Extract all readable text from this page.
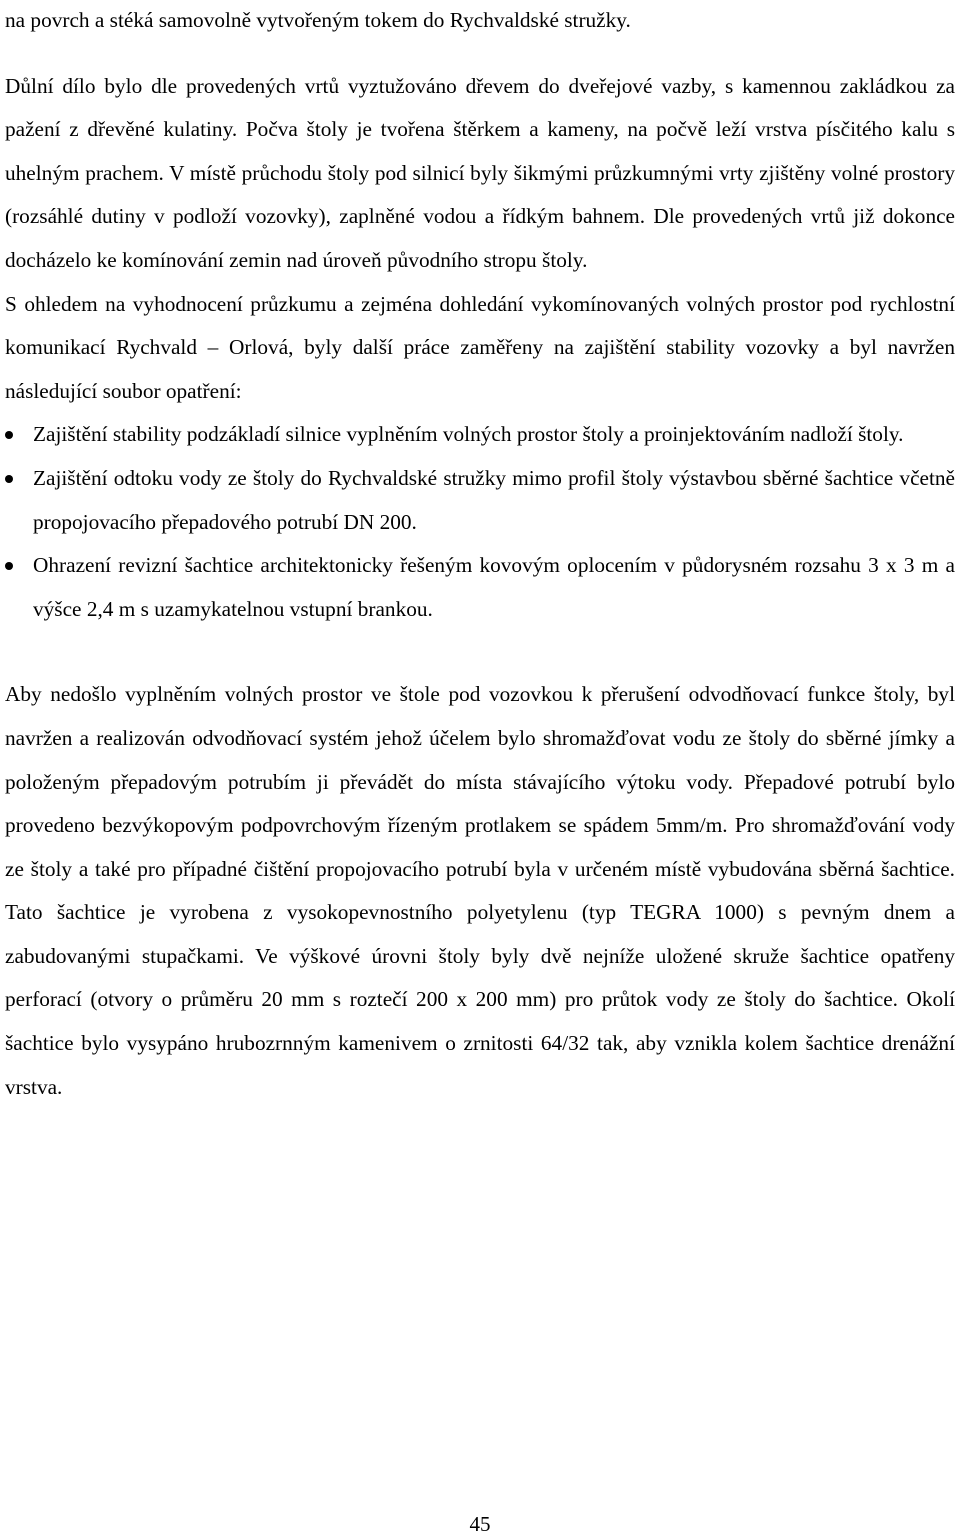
na povrch a stéká samovolně vytvořeným tokem do Rychvaldské stružky.

Důlní dílo bylo dle provedených vrtů vyztužováno dřevem do dveřejové vazby, s kamennou zakládkou za pažení z dřevěné kulatiny. Počva štoly je tvořena štěrkem a kameny, na počvě leží vrstva písčitého kalu s uhelným prachem. V místě průchodu štoly pod silnicí byly šikmými průzkumnými vrty zjištěny volné prostory (rozsáhlé dutiny v podloží vozovky), zaplněné vodou a řídkým bahnem. Dle provedených vrtů již dokonce docházelo ke komínování zemin nad úroveň původního stropu štoly.

S ohledem na vyhodnocení průzkumu a zejména dohledání vykomínovaných volných prostor pod rychlostní komunikací Rychvald – Orlová, byly další práce zaměřeny na zajištění stability vozovky a byl navržen následující soubor opatření:

Zajištění stability podzákladí silnice vyplněním volných prostor štoly a proinjektováním nadloží štoly.
Zajištění odtoku vody ze štoly do Rychvaldské stružky mimo profil štoly výstavbou sběrné šachtice včetně propojovacího přepadového potrubí DN 200.
Ohrazení revizní šachtice architektonicky řešeným kovovým oplocením v půdorysném rozsahu 3 x 3 m a výšce 2,4 m s uzamykatelnou vstupní brankou.

Aby nedošlo vyplněním volných prostor ve štole pod vozovkou k přerušení odvodňovací funkce štoly, byl navržen a realizován odvodňovací systém jehož účelem bylo shromažďovat vodu ze štoly do sběrné jímky a položeným přepadovým potrubím ji převádět do místa stávajícího výtoku vody. Přepadové potrubí bylo provedeno bezvýkopovým podpovrchovým řízeným protlakem se spádem 5mm/m. Pro shromažďování vody ze štoly a také pro případné čištění propojovacího potrubí byla v určeném místě vybudována sběrná šachtice. Tato šachtice je vyrobena z vysokopevnostního polyetylenu (typ TEGRA 1000) s pevným dnem a zabudovanými stupačkami. Ve výškové úrovni štoly byly dvě nejníže uložené skruže šachtice opatřeny perforací (otvory o průměru 20 mm s roztečí 200 x 200 mm) pro průtok vody ze štoly do šachtice. Okolí šachtice bylo vysypáno hrubozrnným kamenivem o zrnitosti 64/32 tak, aby vznikla kolem šachtice drenážní vrstva.

45
